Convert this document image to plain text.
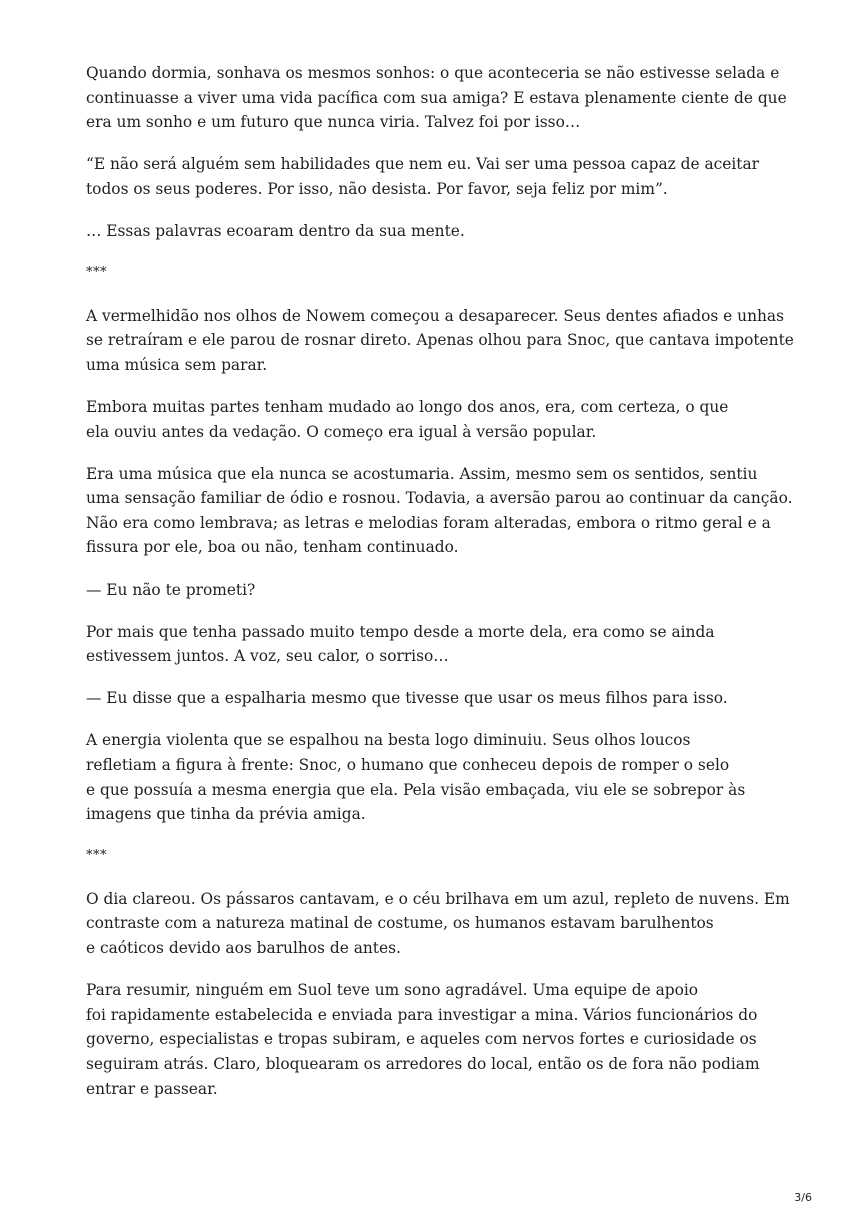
Quando dormia, sonhava os mesmos sonhos: o que aconteceria se não estivesse selada e
continuasse a viver uma vida pacífica com sua amiga? E estava plenamente ciente de que
era um sonho e um futuro que nunca viria. Talvez foi por isso…

“E não será alguém sem habilidades que nem eu. Vai ser uma pessoa capaz de aceitar
todos os seus poderes. Por isso, não desista. Por favor, seja feliz por mim”.

… Essas palavras ecoaram dentro da sua mente.

***

A vermelhidão nos olhos de Nowem começou a desaparecer. Seus dentes afiados e unhas
se retraíram e ele parou de rosnar direto. Apenas olhou para Snoc, que cantava impotente
uma música sem parar.

Embora muitas partes tenham mudado ao longo dos anos, era, com certeza, o que
ela ouviu antes da vedação. O começo era igual à versão popular.

Era uma música que ela nunca se acostumaria. Assim, mesmo sem os sentidos, sentiu
uma sensação familiar de ódio e rosnou. Todavia, a aversão parou ao continuar da canção.
Não era como lembrava; as letras e melodias foram alteradas, embora o ritmo geral e a
fissura por ele, boa ou não, tenham continuado.

— Eu não te prometi?

Por mais que tenha passado muito tempo desde a morte dela, era como se ainda
estivessem juntos. A voz, seu calor, o sorriso…

— Eu disse que a espalharia mesmo que tivesse que usar os meus filhos para isso.

A energia violenta que se espalhou na besta logo diminuiu. Seus olhos loucos
refletiam a figura à frente: Snoc, o humano que conheceu depois de romper o selo
e que possuía a mesma energia que ela. Pela visão embaçada, viu ele se sobrepor às
imagens que tinha da prévia amiga.

***

O dia clareou. Os pássaros cantavam, e o céu brilhava em um azul, repleto de nuvens. Em
contraste com a natureza matinal de costume, os humanos estavam barulhentos
e caóticos devido aos barulhos de antes.

Para resumir, ninguém em Suol teve um sono agradável. Uma equipe de apoio
foi rapidamente estabelecida e enviada para investigar a mina. Vários funcionários do
governo, especialistas e tropas subiram, e aqueles com nervos fortes e curiosidade os
seguiram atrás. Claro, bloquearam os arredores do local, então os de fora não podiam
entrar e passear.

3/6
